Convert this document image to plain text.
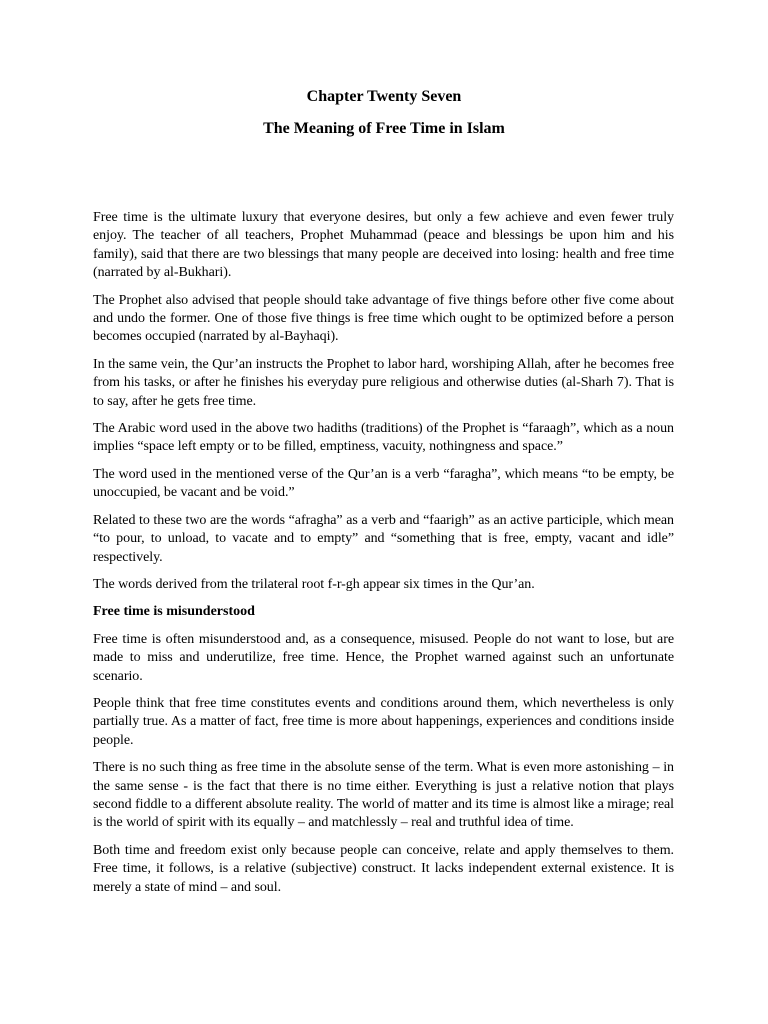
Chapter Twenty Seven
The Meaning of Free Time in Islam

Free time is the ultimate luxury that everyone desires, but only a few achieve and even fewer truly enjoy. The teacher of all teachers, Prophet Muhammad (peace and blessings be upon him and his family), said that there are two blessings that many people are deceived into losing: health and free time (narrated by al-Bukhari).

The Prophet also advised that people should take advantage of five things before other five come about and undo the former. One of those five things is free time which ought to be optimized before a person becomes occupied (narrated by al-Bayhaqi).

In the same vein, the Qur’an instructs the Prophet to labor hard, worshiping Allah, after he becomes free from his tasks, or after he finishes his everyday pure religious and otherwise duties (al-Sharh 7). That is to say, after he gets free time.

The Arabic word used in the above two hadiths (traditions) of the Prophet is “faraagh”, which as a noun implies “space left empty or to be filled, emptiness, vacuity, nothingness and space.”

The word used in the mentioned verse of the Qur’an is a verb “faragha”, which means “to be empty, be unoccupied, be vacant and be void.”

Related to these two are the words “afragha” as a verb and “faarigh” as an active participle, which mean “to pour, to unload, to vacate and to empty” and “something that is free, empty, vacant and idle” respectively.

The words derived from the trilateral root f-r-gh appear six times in the Qur’an.

Free time is misunderstood

Free time is often misunderstood and, as a consequence, misused. People do not want to lose, but are made to miss and underutilize, free time. Hence, the Prophet warned against such an unfortunate scenario.

People think that free time constitutes events and conditions around them, which nevertheless is only partially true. As a matter of fact, free time is more about happenings, experiences and conditions inside people.

There is no such thing as free time in the absolute sense of the term. What is even more astonishing – in the same sense - is the fact that there is no time either. Everything is just a relative notion that plays second fiddle to a different absolute reality. The world of matter and its time is almost like a mirage; real is the world of spirit with its equally – and matchlessly – real and truthful idea of time.

Both time and freedom exist only because people can conceive, relate and apply themselves to them. Free time, it follows, is a relative (subjective) construct. It lacks independent external existence. It is merely a state of mind – and soul.
